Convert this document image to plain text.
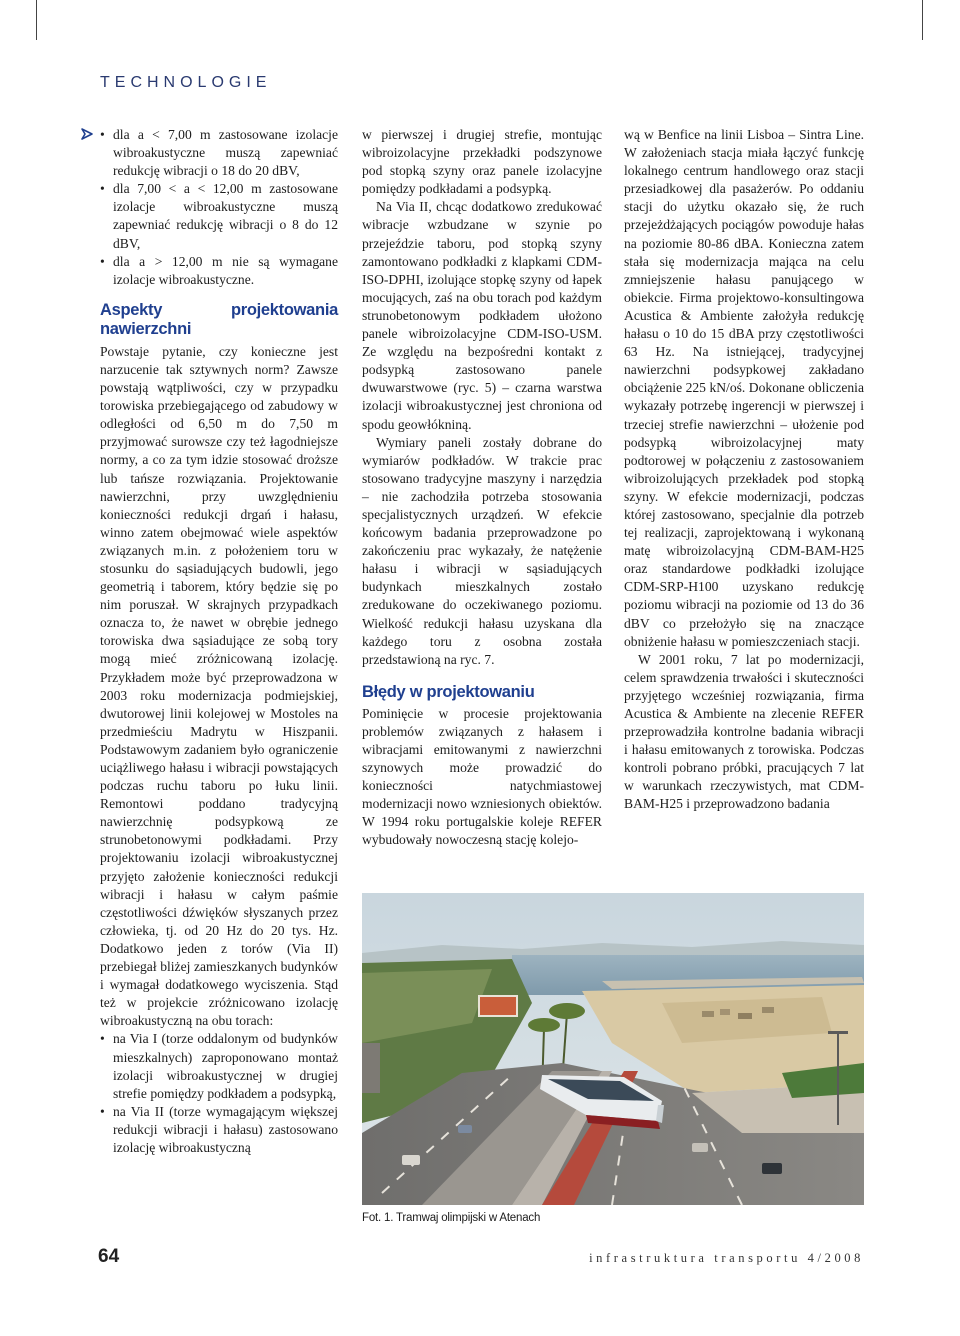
TECHNOLOGIE
• dla a < 7,00 m zastosowane izolacje wibroakustyczne muszą zapewniać redukcję wibracji o 18 do 20 dBV,
• dla 7,00 < a < 12,00 m zastosowane izolacje wibroakustyczne muszą zapewniać redukcję wibracji o 8 do 12 dBV,
• dla a > 12,00 m nie są wymagane izolacje wibroakustyczne.
Aspekty projektowania nawierzchni

Powstaje pytanie, czy konieczne jest narzucenie tak sztywnych norm? Zawsze powstają wątpliwości, czy w przypadku torowiska przebiegającego od zabudowy w odległości od 6,50 m do 7,50 m przyjmować surowsze czy też łagodniejsze normy, a co za tym idzie stosować droższe lub tańsze rozwiązania. Projektowanie nawierzchni, przy uwzględnieniu konieczności redukcji drgań i hałasu, winno zatem obejmować wiele aspektów związanych m.in. z położeniem toru w stosunku do sąsiadujących budowli, jego geometrią i taborem, który będzie się po nim poruszał. W skrajnych przypadkach oznacza to, że nawet w obrębie jednego torowiska dwa sąsiadujące ze sobą tory mogą mieć zróżnicowaną izolację. Przykładem może być przeprowadzona w 2003 roku modernizacja podmiejskiej, dwutorowej linii kolejowej w Mostoles na przedmieściu Madrytu w Hiszpanii. Podstawowym zadaniem było ograniczenie uciążliwego hałasu i wibracji powstających podczas ruchu taboru po łuku linii. Remontowi poddano tradycyjną nawierzchnię podsypkową ze strunobetonowymi podkładami. Przy projektowaniu izolacji wibroakustycznej przyjęto założenie konieczności redukcji wibracji i hałasu w całym paśmie częstotliwości dźwięków słyszanych przez człowieka, tj. od 20 Hz do 20 tys. Hz. Dodatkowo jeden z torów (Via II) przebiegał bliżej zamieszkanych budynków i wymagał dodatkowego wyciszenia. Stąd też w projekcie zróżnicowano izolację wibroakustyczną na obu torach:

• na Via I (torze oddalonym od budynków mieszkalnych) zaproponowano montaż izolacji wibroakustycznej w drugiej strefie pomiędzy podkładem a podsypką,
• na Via II (torze wymagającym większej redukcji wibracji i hałasu) zastosowano izolację wibroakustyczną

w pierwszej i drugiej strefie, montując wibroizolacyjne przekładki podszynowe pod stopką szyny oraz panele izolacyjne pomiędzy podkładami a podsypką.

Na Via II, chcąc dodatkowo zredukować wibracje wzbudzane w szynie po przejeździe taboru, pod stopką szyny zamontowano podkładki z klapkami CDM-ISO-DPHI, izolujące stopkę szyny od łapek mocujących, zaś na obu torach pod każdym strunobetonowym podkładem ułożono panele wibroizolacyjne CDM-ISO-USM. Ze względu na bezpośredni kontakt z podsypką zastosowano panele dwuwarstwowe (ryc. 5) – czarna warstwa izolacji wibroakustycznej jest chroniona od spodu geowłókniną.

Wymiary paneli zostały dobrane do wymiarów podkładów. W trakcie prac stosowano tradycyjne maszyny i narzędzia – nie zachodziła potrzeba stosowania specjalistycznych urządzeń. W efekcie końcowym badania przeprowadzone po zakończeniu prac wykazały, że natężenie hałasu i wibracji w sąsiadujących budynkach mieszkalnych zostało zredukowane do oczekiwanego poziomu. Wielkość redukcji hałasu uzyskana dla każdego toru z osobna została przedstawioną na ryc. 7.

Błędy w projektowaniu

Pominięcie w procesie projektowania problemów związanych z hałasem i wibracjami emitowanymi z nawierzchni szynowych może prowadzić do konieczności natychmiastowej modernizacji nowo wzniesionych obiektów. W 1994 roku portugalskie koleje REFER wybudowały nowoczesną stację kolejo-

wą w Benfice na linii Lisboa – Sintra Line. W założeniach stacja miała łączyć funkcję lokalnego centrum handlowego oraz stacji przesiadkowej dla pasażerów. Po oddaniu stacji do użytku okazało się, że ruch przejeżdżających pociągów powoduje hałas na poziomie 80-86 dBA. Konieczna zatem stała się modernizacja mająca na celu zmniejszenie hałasu panującego w obiekcie. Firma projektowo-konsultingowa Acustica & Ambiente założyła redukcję hałasu o 10 do 15 dBA przy częstotliwości 63 Hz. Na istniejącej, tradycyjnej nawierzchni podsypkowej zakładano obciążenie 225 kN/oś. Dokonane obliczenia wykazały potrzebę ingerencji w pierwszej i trzeciej strefie nawierzchni – ułożenie pod podsypką wibroizolacyjnej maty podtorowej w połączeniu z zastosowaniem wibroizolujących przekładek pod stopką szyny. W efekcie modernizacji, podczas której zastosowano, specjalnie dla potrzeb tej realizacji, zaprojektowaną i wykonaną matę wibroizolacyjną CDM-BAM-H25 oraz standardowe podkładki izolujące CDM-SRP-H100 uzyskano redukcję poziomu wibracji na poziomie od 13 do 36 dBV co przełożyło się na znaczące obniżenie hałasu w pomieszczeniach stacji.

W 2001 roku, 7 lat po modernizacji, celem sprawdzenia trwałości i skuteczności przyjętego wcześniej rozwiązania, firma Acustica & Ambiente na zlecenie REFER przeprowadziła kontrolne badania wibracji i hałasu emitowanych z torowiska. Podczas kontroli pobrano próbki, pracujących 7 lat w warunkach rzeczywistych, mat CDM-BAM-H25 i przeprowadzono badania

Fot. 1. Tramwaj olimpijski w Atenach
64	infrastruktura transportu 4/2008
